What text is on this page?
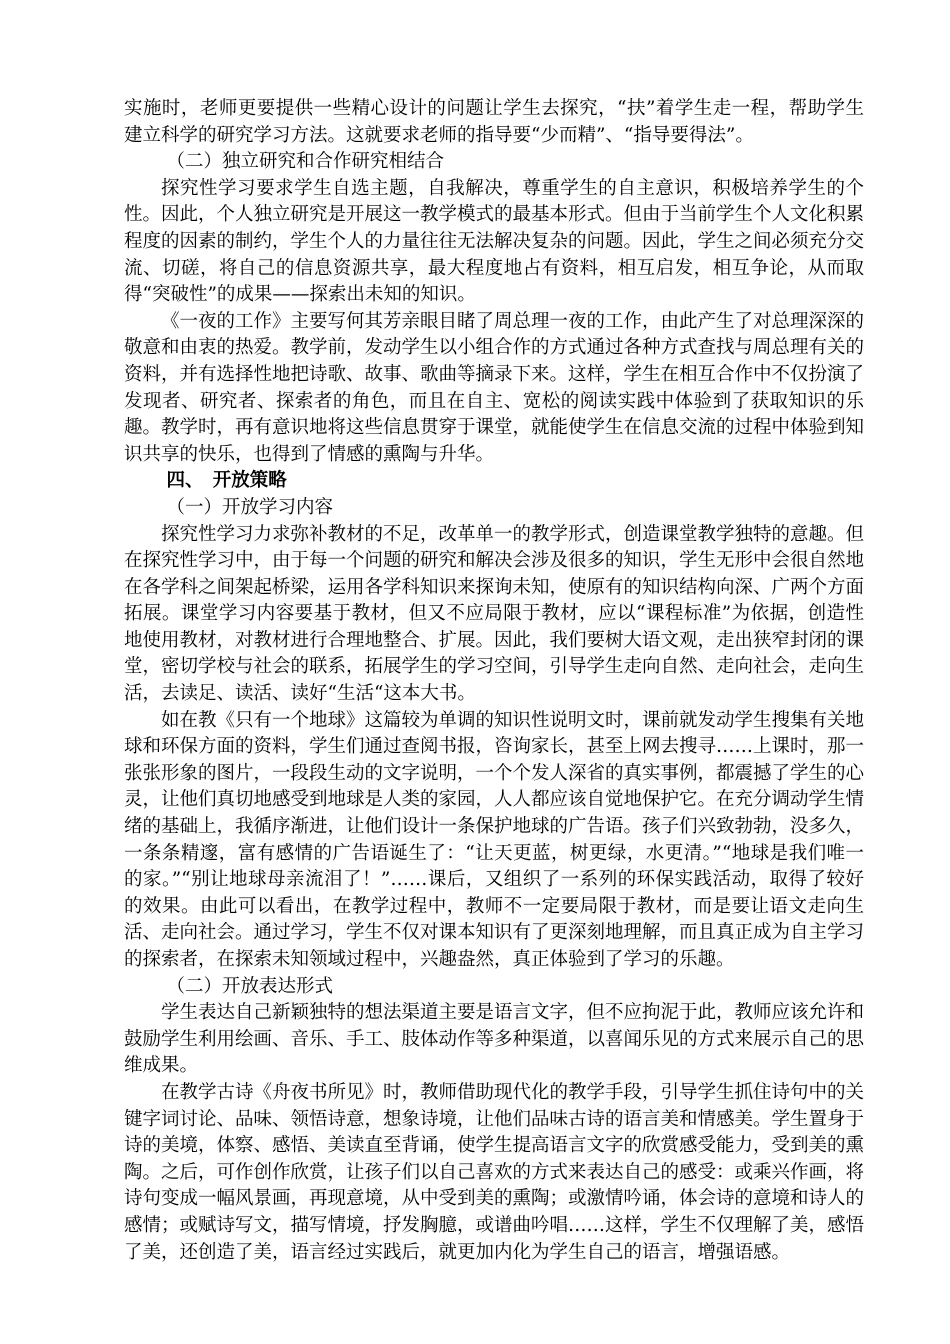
实施时，老师更要提供一些精心设计的问题让学生去探究，“扶”着学生走一程，帮助学生建立科学的研究学习方法。这就要求老师的指导要“少而精”、“指导要得法”。

（二）独立研究和合作研究相结合

探究性学习要求学生自选主题，自我解决，尊重学生的自主意识，积极培养学生的个性。因此，个人独立研究是开展这一教学模式的最基本形式。但由于当前学生个人文化积累程度的因素的制约，学生个人的力量往往无法解决复杂的问题。因此，学生之间必须充分交流、切磋，将自己的信息资源共享，最大程度地占有资料，相互启发，相互争论，从而取得“突破性”的成果——探索出未知的知识。

《一夜的工作》主要写何其芳亲眼目睹了周总理一夜的工作，由此产生了对总理深深的敬意和由衷的热爱。教学前，发动学生以小组合作的方式通过各种方式查找与周总理有关的资料，并有选择性地把诗歌、故事、歌曲等摘录下来。这样，学生在相互合作中不仅扮演了发现者、研究者、探索者的角色，而且在自主、宽松的阅读实践中体验到了获取知识的乐趣。教学时，再有意识地将这些信息贯穿于课堂，就能使学生在信息交流的过程中体验到知识共享的快乐，也得到了情感的熏陶与升华。

四、　开放策略

（一）开放学习内容

探究性学习力求弥补教材的不足，改革单一的教学形式，创造课堂教学独特的意趣。但在探究性学习中，由于每一个问题的研究和解决会涉及很多的知识，学生无形中会很自然地在各学科之间架起桥梁，运用各学科知识来探询未知，使原有的知识结构向深、广两个方面拓展。课堂学习内容要基于教材，但又不应局限于教材，应以“课程标准”为依据，创造性地使用教材，对教材进行合理地整合、扩展。因此，我们要树大语文观，走出狭窄封闭的课堂，密切学校与社会的联系，拓展学生的学习空间，引导学生走向自然、走向社会，走向生活，去读足、读活、读好“生活“这本大书。

如在教《只有一个地球》这篇较为单调的知识性说明文时，课前就发动学生搜集有关地球和环保方面的资料，学生们通过查阅书报，咨询家长，甚至上网去搜寻……上课时，那一张张形象的图片，一段段生动的文字说明，一个个发人深省的真实事例，都震撼了学生的心灵，让他们真切地感受到地球是人类的家园，人人都应该自觉地保护它。在充分调动学生情绪的基础上，我循序渐进，让他们设计一条保护地球的广告语。孩子们兴致勃勃，没多久，一条条精邃，富有感情的广告语诞生了：“让天更蓝，树更绿，水更清。”“地球是我们唯一的家。”“别让地球母亲流泪了！”……课后，又组织了一系列的环保实践活动，取得了较好的效果。由此可以看出，在教学过程中，教师不一定要局限于教材，而是要让语文走向生活、走向社会。通过学习，学生不仅对课本知识有了更深刻地理解，而且真正成为自主学习的探索者，在探索未知领域过程中，兴趣盎然，真正体验到了学习的乐趣。

（二）开放表达形式

学生表达自己新颖独特的想法渠道主要是语言文字，但不应拘泥于此，教师应该允许和鼓励学生利用绘画、音乐、手工、肢体动作等多种渠道，以喜闻乐见的方式来展示自己的思维成果。

在教学古诗《舟夜书所见》时，教师借助现代化的教学手段，引导学生抓住诗句中的关键字词讨论、品味、领悟诗意，想象诗境，让他们品味古诗的语言美和情感美。学生置身于诗的美境，体察、感悟、美读直至背诵，使学生提高语言文字的欣赏感受能力，受到美的熏陶。之后，可作创作欣赏，让孩子们以自己喜欢的方式来表达自己的感受：或乘兴作画，将诗句变成一幅风景画，再现意境，从中受到美的熏陶；或激情吟诵，体会诗的意境和诗人的感情；或赋诗写文，描写情境，抒发胸臆，或谱曲吟唱……这样，学生不仅理解了美，感悟了美，还创造了美，语言经过实践后，就更加内化为学生自己的语言，增强语感。
